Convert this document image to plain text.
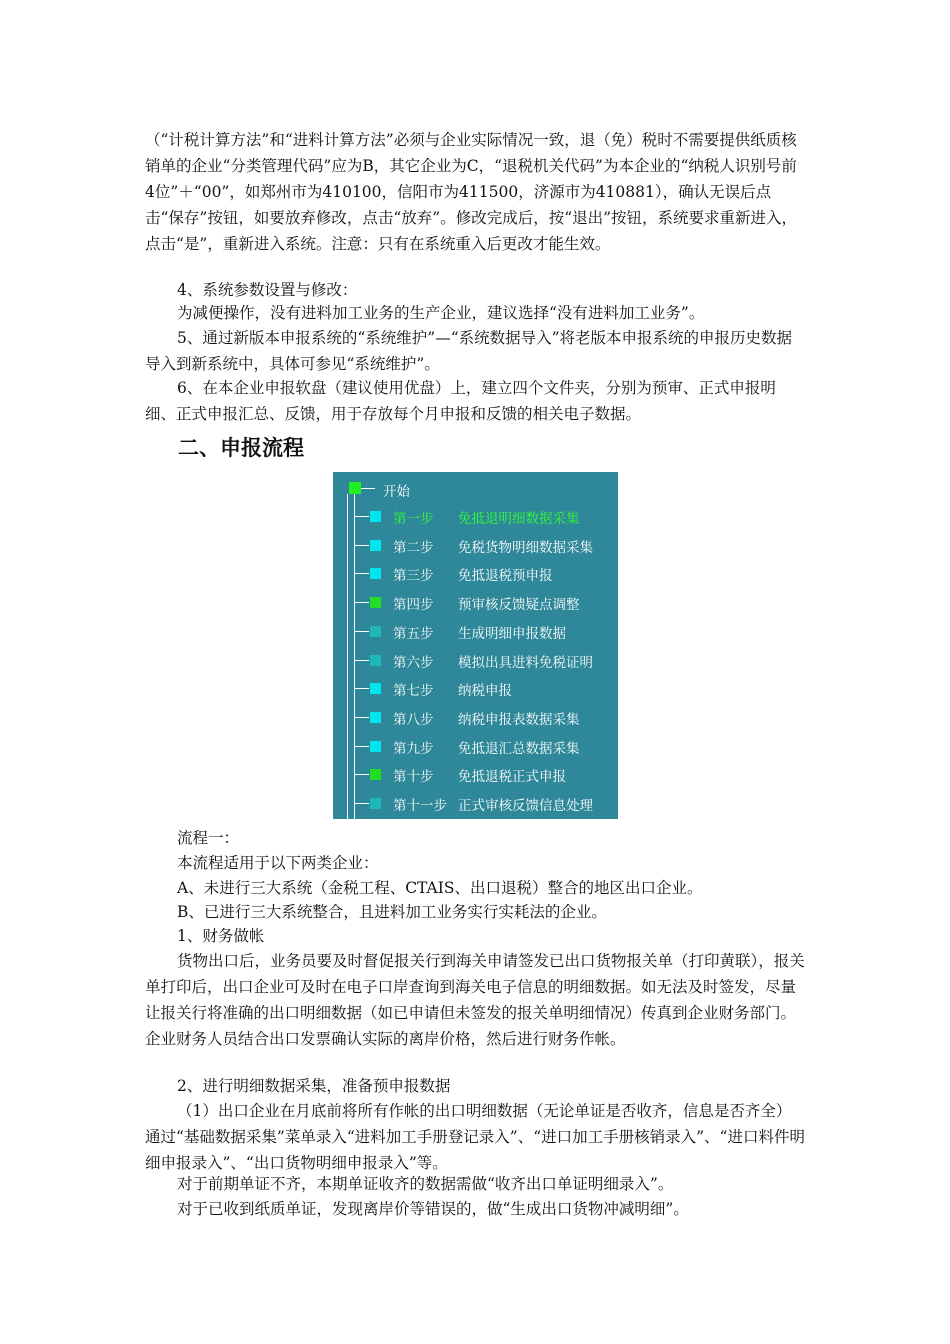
（“计税计算方法”和“进料计算方法”必须与企业实际情况一致，退（免）税时不需要提供纸质核销单的企业“分类管理代码”应为B，其它企业为C，“退税机关代码”为本企业的“纳税人识别号前4位”＋“00”，如郑州市为410100，信阳市为411500，济源市为410881），确认无误后点击“保存”按钮，如要放弃修改，点击“放弃”。修改完成后，按“退出”按钮，系统要求重新进入，点击“是”，重新进入系统。注意：只有在系统重入后更改才能生效。

4、系统参数设置与修改：

为减便操作，没有进料加工业务的生产企业，建议选择“没有进料加工业务”。

5、通过新版本申报系统的“系统维护”—“系统数据导入”将老版本申报系统的申报历史数据导入到新系统中，具体可参见“系统维护”。

6、在本企业申报软盘（建议使用优盘）上，建立四个文件夹，分别为预审、正式申报明细、正式申报汇总、反馈，用于存放每个月申报和反馈的相关电子数据。

二、申报流程
开始
第一步 免抵退明细数据采集
第二步 免税货物明细数据采集
第三步 免抵退税预申报
第四步 预审核反馈疑点调整
第五步 生成明细申报数据
第六步 模拟出具进料免税证明
第七步 纳税申报
第八步 纳税申报表数据采集
第九步 免抵退汇总数据采集
第十步 免抵退税正式申报
第十一步 正式审核反馈信息处理

流程一：

本流程适用于以下两类企业：

A、未进行三大系统（金税工程、CTAIS、出口退税）整合的地区出口企业。

B、已进行三大系统整合，且进料加工业务实行实耗法的企业。

1、财务做帐

货物出口后，业务员要及时督促报关行到海关申请签发已出口货物报关单（打印黄联），报关单打印后，出口企业可及时在电子口岸查询到海关电子信息的明细数据。如无法及时签发，尽量让报关行将准确的出口明细数据（如已申请但未签发的报关单明细情况）传真到企业财务部门。企业财务人员结合出口发票确认实际的离岸价格，然后进行财务作帐。

2、进行明细数据采集，准备预申报数据

（1）出口企业在月底前将所有作帐的出口明细数据（无论单证是否收齐，信息是否齐全）通过“基础数据采集”菜单录入“进料加工手册登记录入”、“进口加工手册核销录入”、“进口料件明细申报录入”、“出口货物明细申报录入”等。

对于前期单证不齐，本期单证收齐的数据需做“收齐出口单证明细录入”。

对于已收到纸质单证，发现离岸价等错误的，做“生成出口货物冲减明细”。
